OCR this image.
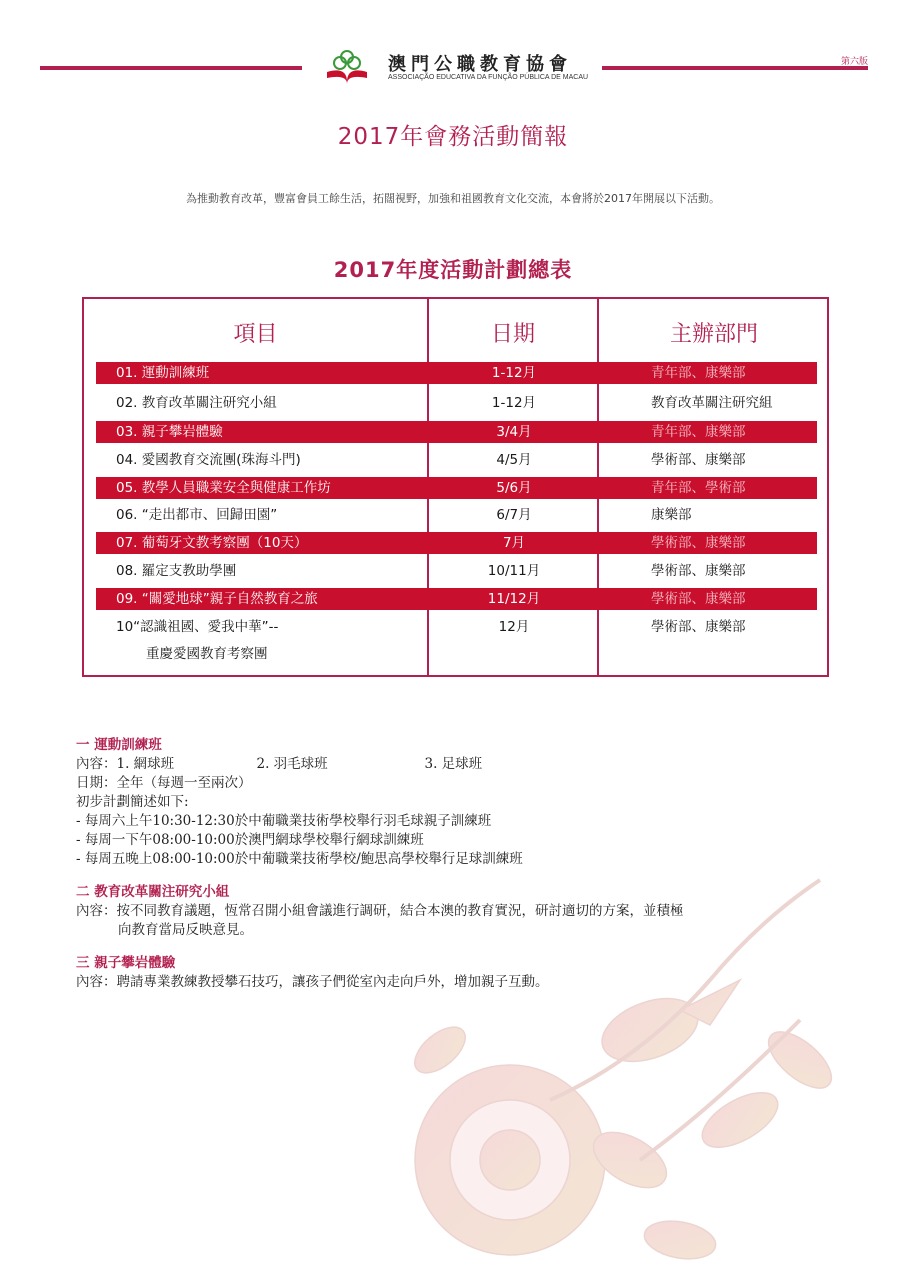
第六版
澳門公職教育協會
ASSOCIAÇÃO EDUCATIVA DA FUNÇÃO PÚBLICA DE MACAU
2017年會務活動簡報
為推動教育改革，豐富會員工餘生活，拓闊視野，加強和祖國教育文化交流，本會將於2017年開展以下活動。
2017年度活動計劃總表
項目	日期	主辦部門
01. 運動訓練班	1-12月	青年部、康樂部
02. 教育改革關注研究小組	1-12月	教育改革關注研究組
03. 親子攀岩體驗	3/4月	青年部、康樂部
04. 愛國教育交流團(珠海斗門)	4/5月	學術部、康樂部
05. 教學人員職業安全與健康工作坊	5/6月	青年部、學術部
06. “走出都市、回歸田園”	6/7月	康樂部
07. 葡萄牙文教考察團（10天）	7月	學術部、康樂部
08. 羅定支教助學團	10/11月	學術部、康樂部
09. “關愛地球”親子自然教育之旅	11/12月	學術部、康樂部
10“認識祖國、愛我中華”--	12月	學術部、康樂部
重慶愛國教育考察團
一 運動訓練班
內容：1. 網球班	2. 羽毛球班	3. 足球班
日期：全年（每週一至兩次）
初步計劃簡述如下:
- 每周六上午10:30-12:30於中葡職業技術學校舉行羽毛球親子訓練班
- 每周一下午08:00-10:00於澳門網球學校舉行網球訓練班
- 每周五晚上08:00-10:00於中葡職業技術學校/鮑思高學校舉行足球訓練班
二 教育改革關注研究小組
內容：按不同教育議題，恆常召開小組會議進行調研，結合本澳的教育實況，研討適切的方案，並積極
向教育當局反映意見。
三 親子攀岩體驗
內容：聘請專業教練教授攀石技巧，讓孩子們從室內走向戶外，增加親子互動。
